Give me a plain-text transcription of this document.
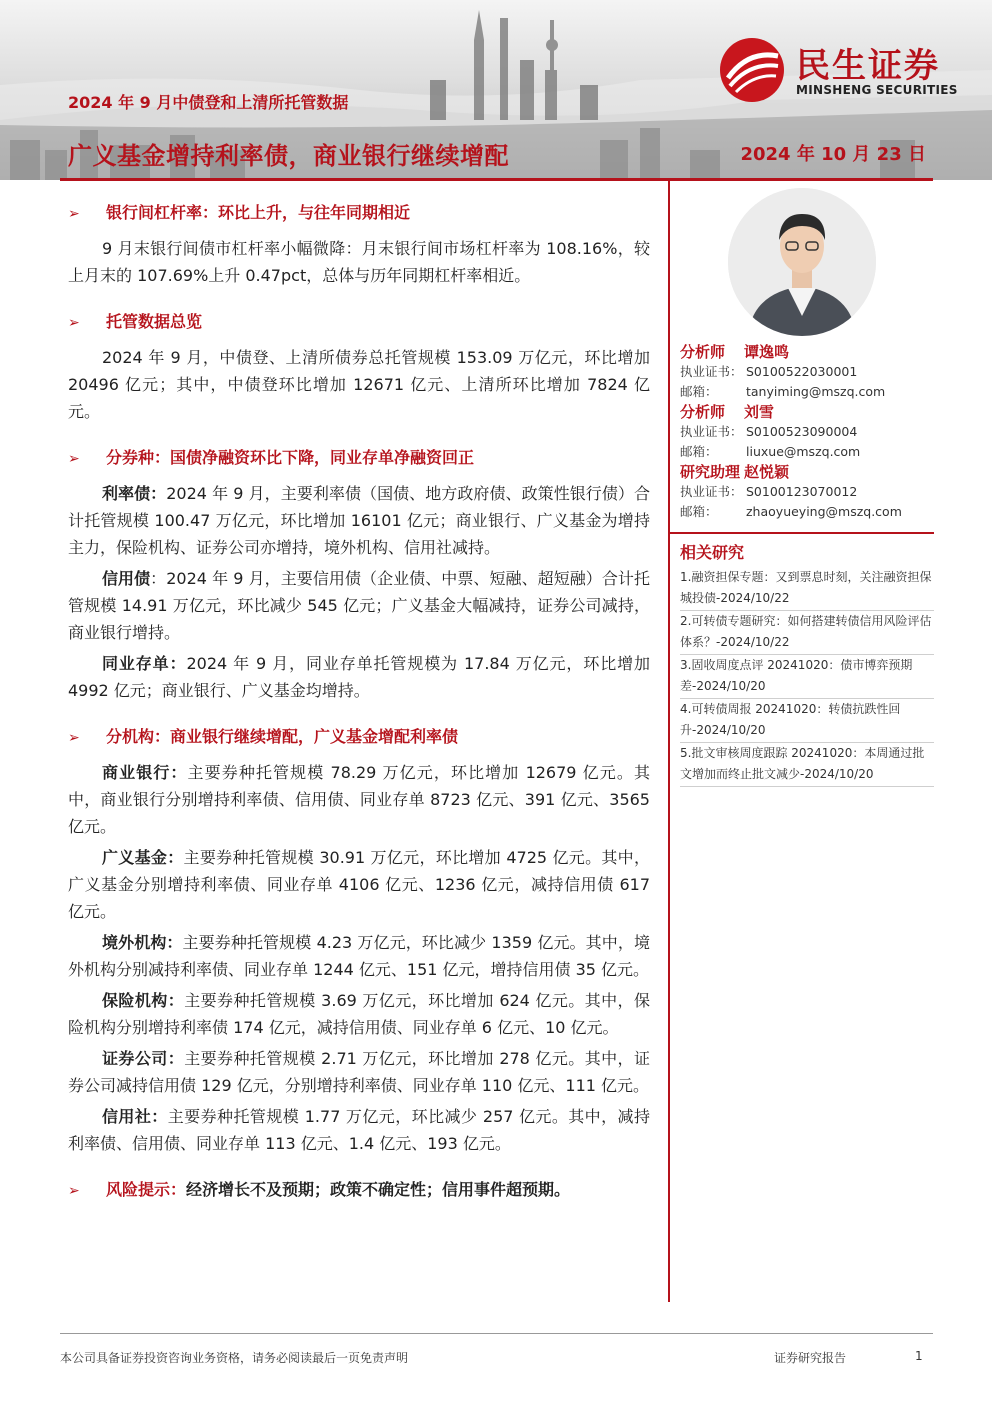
民生证券
MINSHENG SECURITIES
2024 年 9 月中债登和上清所托管数据
广义基金增持利率债，商业银行继续增配	2024 年 10 月 23 日
➢	银行间杠杆率：环比上升，与往年同期相近

9 月末银行间债市杠杆率小幅微降：月末银行间市场杠杆率为 108.16%，较上月末的 107.69%上升 0.47pct，总体与历年同期杠杆率相近。

➢	托管数据总览

2024 年 9 月，中债登、上清所债券总托管规模 153.09 万亿元，环比增加 20496 亿元；其中，中债登环比增加 12671 亿元、上清所环比增加 7824 亿元。

➢	分券种：国债净融资环比下降，同业存单净融资回正

利率债：2024 年 9 月，主要利率债（国债、地方政府债、政策性银行债）合计托管规模 100.47 万亿元，环比增加 16101 亿元；商业银行、广义基金为增持主力，保险机构、证券公司亦增持，境外机构、信用社减持。

信用债：2024 年 9 月，主要信用债（企业债、中票、短融、超短融）合计托管规模 14.91 万亿元，环比减少 545 亿元；广义基金大幅减持，证券公司减持，商业银行增持。

同业存单：2024 年 9 月，同业存单托管规模为 17.84 万亿元，环比增加 4992 亿元；商业银行、广义基金均增持。

➢	分机构：商业银行继续增配，广义基金增配利率债

商业银行：主要券种托管规模 78.29 万亿元，环比增加 12679 亿元。其中，商业银行分别增持利率债、信用债、同业存单 8723 亿元、391 亿元、3565 亿元。

广义基金：主要券种托管规模 30.91 万亿元，环比增加 4725 亿元。其中，广义基金分别增持利率债、同业存单 4106 亿元、1236 亿元，减持信用债 617 亿元。

境外机构：主要券种托管规模 4.23 万亿元，环比减少 1359 亿元。其中，境外机构分别减持利率债、同业存单 1244 亿元、151 亿元，增持信用债 35 亿元。

保险机构：主要券种托管规模 3.69 万亿元，环比增加 624 亿元。其中，保险机构分别增持利率债 174 亿元，减持信用债、同业存单 6 亿元、10 亿元。

证券公司：主要券种托管规模 2.71 万亿元，环比增加 278 亿元。其中，证券公司减持信用债 129 亿元，分别增持利率债、同业存单 110 亿元、111 亿元。

信用社：主要券种托管规模 1.77 万亿元，环比减少 257 亿元。其中，减持利率债、信用债、同业存单 113 亿元、1.4 亿元、193 亿元。

➢	风险提示： 经济增长不及预期；政策不确定性；信用事件超预期。
分析师 谭逸鸣
执业证书： S0100522030001
邮箱： tanyiming@mszq.com
分析师 刘雪
执业证书： S0100523090004
邮箱： liuxue@mszq.com
研究助理 赵悦颖
执业证书： S0100123070012
邮箱： zhaoyueying@mszq.com
相关研究
1.融资担保专题：又到票息时刻，关注融资担保城投债-2024/10/22
2.可转债专题研究：如何搭建转债信用风险评估体系？-2024/10/22
3.固收周度点评 20241020：债市博弈预期差-2024/10/20
4.可转债周报 20241020：转债抗跌性回升-2024/10/20
5.批文审核周度跟踪 20241020：本周通过批文增加而终止批文减少-2024/10/20
本公司具备证券投资咨询业务资格，请务必阅读最后一页免责声明	证券研究报告	1
